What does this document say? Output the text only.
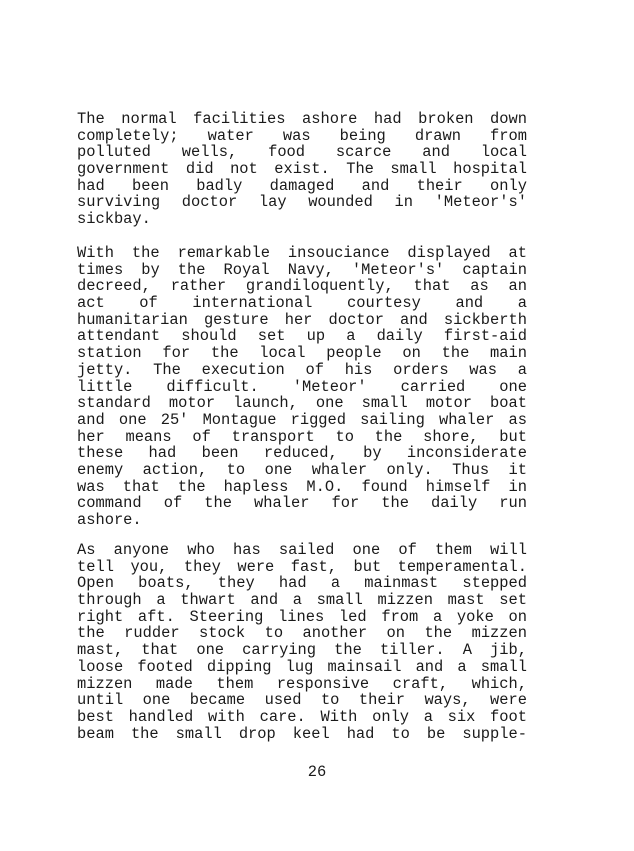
The normal facilities ashore had broken down
completely; water was being drawn from
polluted wells, food scarce and local
government did not exist. The small hospital
had been badly damaged and their only
surviving doctor lay wounded in 'Meteor's'
sickbay.
With the remarkable insouciance displayed at
times by the Royal Navy, 'Meteor's' captain
decreed, rather grandiloquently, that as an
act of international courtesy and a
humanitarian gesture her doctor and sickberth
attendant should set up a daily first-aid
station for the local people on the main
jetty. The execution of his orders was a
little difficult. 'Meteor' carried one
standard motor launch, one small motor boat
and one 25' Montague rigged sailing whaler as
her means of transport to the shore, but
these had been reduced, by inconsiderate
enemy action, to one whaler only. Thus it
was that the hapless M.O. found himself in
command of the whaler for the daily run
ashore.
As anyone who has sailed one of them will
tell you, they were fast, but temperamental.
Open boats, they had a mainmast stepped
through a thwart and a small mizzen mast set
right aft. Steering lines led from a yoke on
the rudder stock to another on the mizzen
mast, that one carrying the tiller. A jib,
loose footed dipping lug mainsail and a small
mizzen made them responsive craft, which,
until one became used to their ways, were
best handled with care. With only a six foot
beam the small drop keel had to be supple-
26
